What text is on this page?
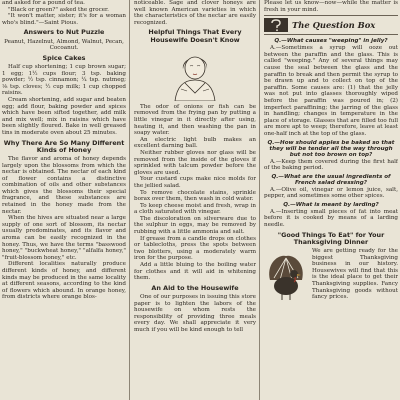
and asked for a pound of tea.

"Black or green?" asked the grocer.

"It won't matter, sister; it's for a woman who's blind."—Saint Pious.

Answers to Nut Puzzle

Peanut, Hazelnut, Almond, Walnut, Pecan, Cocoanut.

Spice Cakes

Half cup shortening; 1 cup brown sugar; 1 egg; 1½ cups flour; 3 tsp. baking powder; ½ tsp. cinnamon; ¼ tsp. nutmeg; ⅛ tsp. cloves; ½ cup milk; 1 cup chopped raisins.

Cream shortening, add sugar and beaten egg; add flour, baking powder and spices which have been sifted together, add milk and mix well; mix in raisins which have been slightly floured. Bake in well greased tins in moderate oven about 25 minutes.

Why There Are So Many Different Kinds of Honey

The flavor and aroma of honey depends largely upon the blossoms from which the nectar is obtained. The nectar of each kind of flower contains a distinctive combination of oils and other substances which gives the blossoms their special fragrance, and these substances are retained in the honey made from the nectar.

When the hives are situated near a large supply of one sort of blossom, its nectar usually predominates, and its flavor and aroma can be easily recognized in the honey. Thus, we have the terms "basswood honey," "buckwheat honey," "alfalfa honey," "fruit-blossom honey," etc.

Different localities naturally produce different kinds of honey, and different kinds may be produced in the same locality at different seasons, according to the kind of flowers which abound. In orange honey, from districts where orange blos-

noticeable. Sage and clover honeys are well known American varieties in which the characteristics of the nectar are easily recognized.

Helpful Things That Every Housewife Doesn't Know

The odor of onions or fish can be removed from the frying pan by putting a little vinegar in it directly after using, heating it, and then washing the pan in soapy water.

An electric light bulb makes an excellent darning ball.

Neither rubber gloves nor glass will be removed from the inside of the gloves if sprinkled with talcum powder before the gloves are used.

Your custard cups make nice molds for the jellied salad.

To remove chocolate stains, sprinkle borax over them, then wash in cold water.

To keep cheese moist and fresh, wrap in a cloth saturated with vinegar.

The discoloration on silverware due to the sulphur in eggs, may be removed by rubbing with a little ammonia and salt.

If grease from a candle drops on clothes or tablecloths, press the spots between two blotters, using a moderately warm iron for the purpose.

Add a little bluing to the boiling water for clothes and it will aid in whitening them.

An Aid to the Housewife

One of our purposes in issuing this store paper is to lighten the labors of the housewife on whom rests the responsibility of providing three meals every day. We shall appreciate it very much if you will be kind enough to tell

Please let us know—now—while the matter is fresh in your mind.

The Question Box
Q.—What causes "weeping" in jelly?

A.—Sometimes a syrup will ooze out between the paraffin and the glass. This is called "weeping." Any of several things may cause the seal between the glass and the paraffin to break and then permit the syrup to be drawn up and to collect on top of the paraffin. Some causes are: (1) that the jelly was not put into glasses thoroughly wiped before the paraffin was poured in; (2) imperfect paraffining; the jarring of the glass in handling; changes in temperature in the place of storage. Glasses that are filled too full are more apt to weep; therefore, leave at least one-half inch at the top of the glass.

Q.—How should apples be baked so that they will be tender all the way through but not too brown on top?

A.—Keep them covered during the first half of the baking period.

Q.—What are the usual ingredients of French salad dressing?

A.—Olive oil, vinegar or lemon juice, salt, pepper, and sometimes some other spices.

Q.—What is meant by larding?

A.—Inserting small pieces of fat into meat before it is cooked by means of a larding needle.

"Good Things To Eat" for Your Thanksgiving Dinner

We are getting ready for the biggest Thanksgiving business in our history. Housewives will find that this is the ideal place to get their Thanksgiving supplies. Fancy Thanksgiving goods without fancy prices.
